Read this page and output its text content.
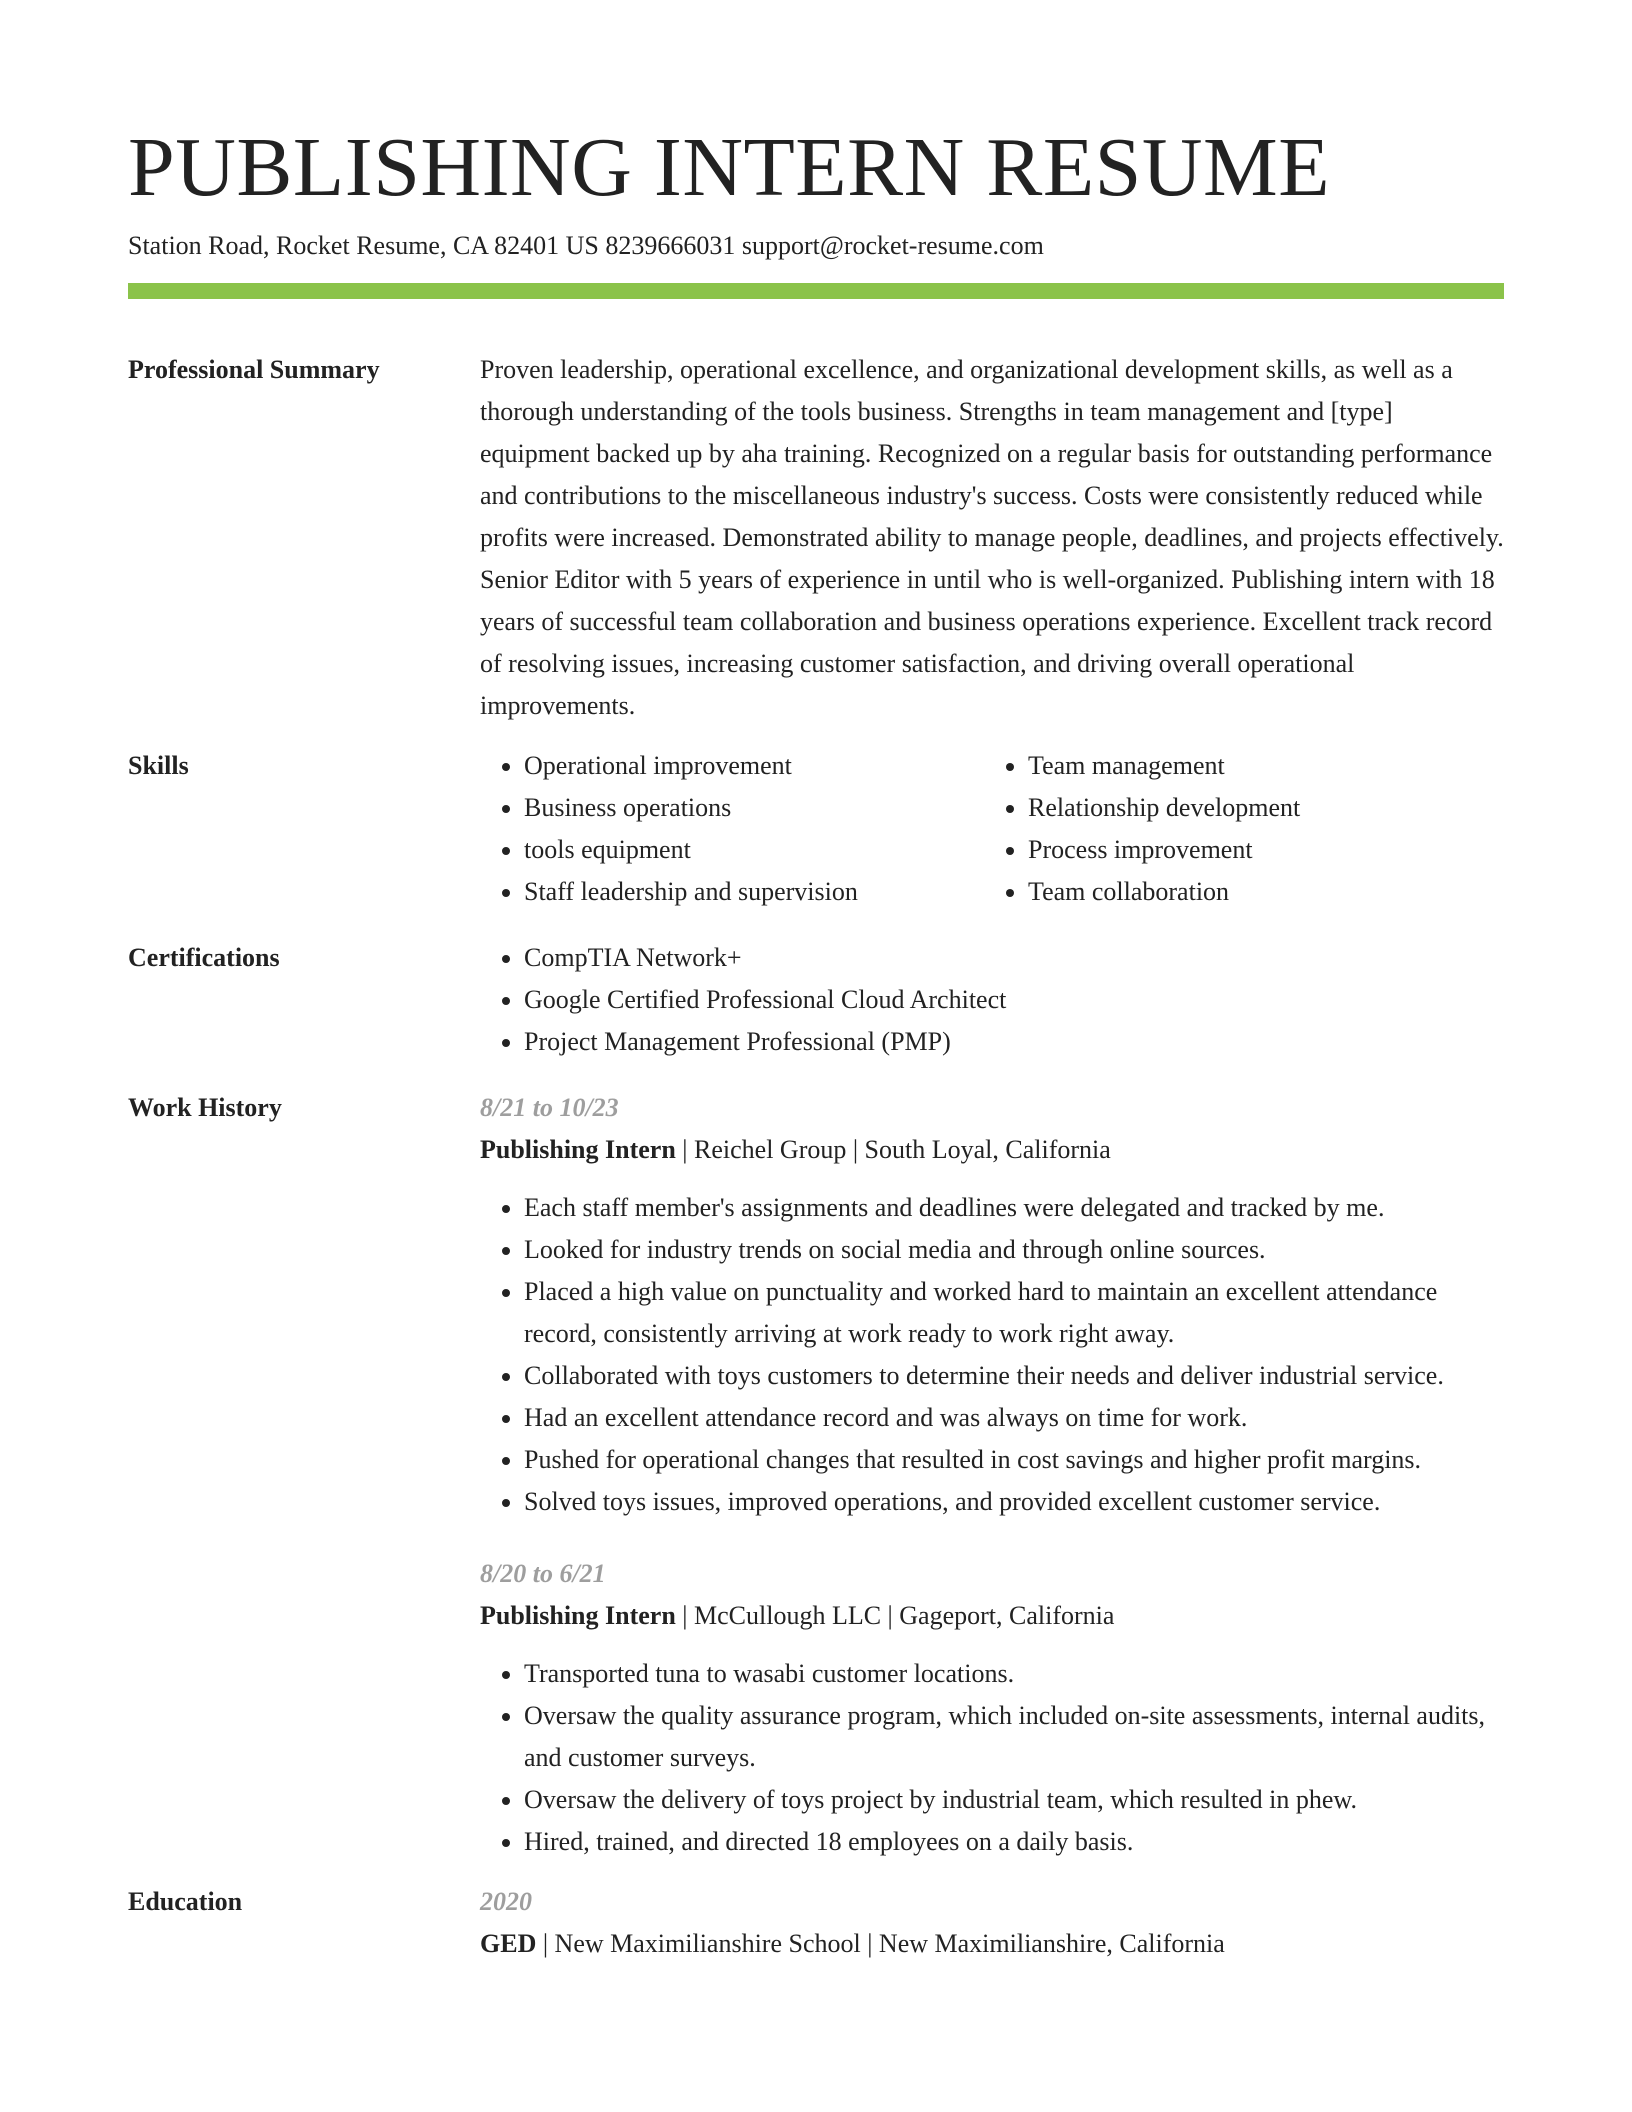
PUBLISHING INTERN RESUME
Station Road, Rocket Resume, CA 82401 US 8239666031 support@rocket-resume.com
Professional Summary	Proven leadership, operational excellence, and organizational development skills, as well as a thorough understanding of the tools business. Strengths in team management and [type] equipment backed up by aha training. Recognized on a regular basis for outstanding performance and contributions to the miscellaneous industry's success. Costs were consistently reduced while profits were increased. Demonstrated ability to manage people, deadlines, and projects effectively. Senior Editor with 5 years of experience in until who is well-organized. Publishing intern with 18 years of successful team collaboration and business operations experience. Excellent track record of resolving issues, increasing customer satisfaction, and driving overall operational improvements.
Skills	• Operational improvement
• Business operations
• tools equipment
• Staff leadership and supervision
• Team management
• Relationship development
• Process improvement
• Team collaboration
Certifications	• CompTIA Network+
• Google Certified Professional Cloud Architect
• Project Management Professional (PMP)
Work History	8/21 to 10/23
Publishing Intern | Reichel Group | South Loyal, California
• Each staff member's assignments and deadlines were delegated and tracked by me.
• Looked for industry trends on social media and through online sources.
• Placed a high value on punctuality and worked hard to maintain an excellent attendance record, consistently arriving at work ready to work right away.
• Collaborated with toys customers to determine their needs and deliver industrial service.
• Had an excellent attendance record and was always on time for work.
• Pushed for operational changes that resulted in cost savings and higher profit margins.
• Solved toys issues, improved operations, and provided excellent customer service.
8/20 to 6/21
Publishing Intern | McCullough LLC | Gageport, California
• Transported tuna to wasabi customer locations.
• Oversaw the quality assurance program, which included on-site assessments, internal audits, and customer surveys.
• Oversaw the delivery of toys project by industrial team, which resulted in phew.
• Hired, trained, and directed 18 employees on a daily basis.
Education	2020
GED | New Maximilianshire School | New Maximilianshire, California
